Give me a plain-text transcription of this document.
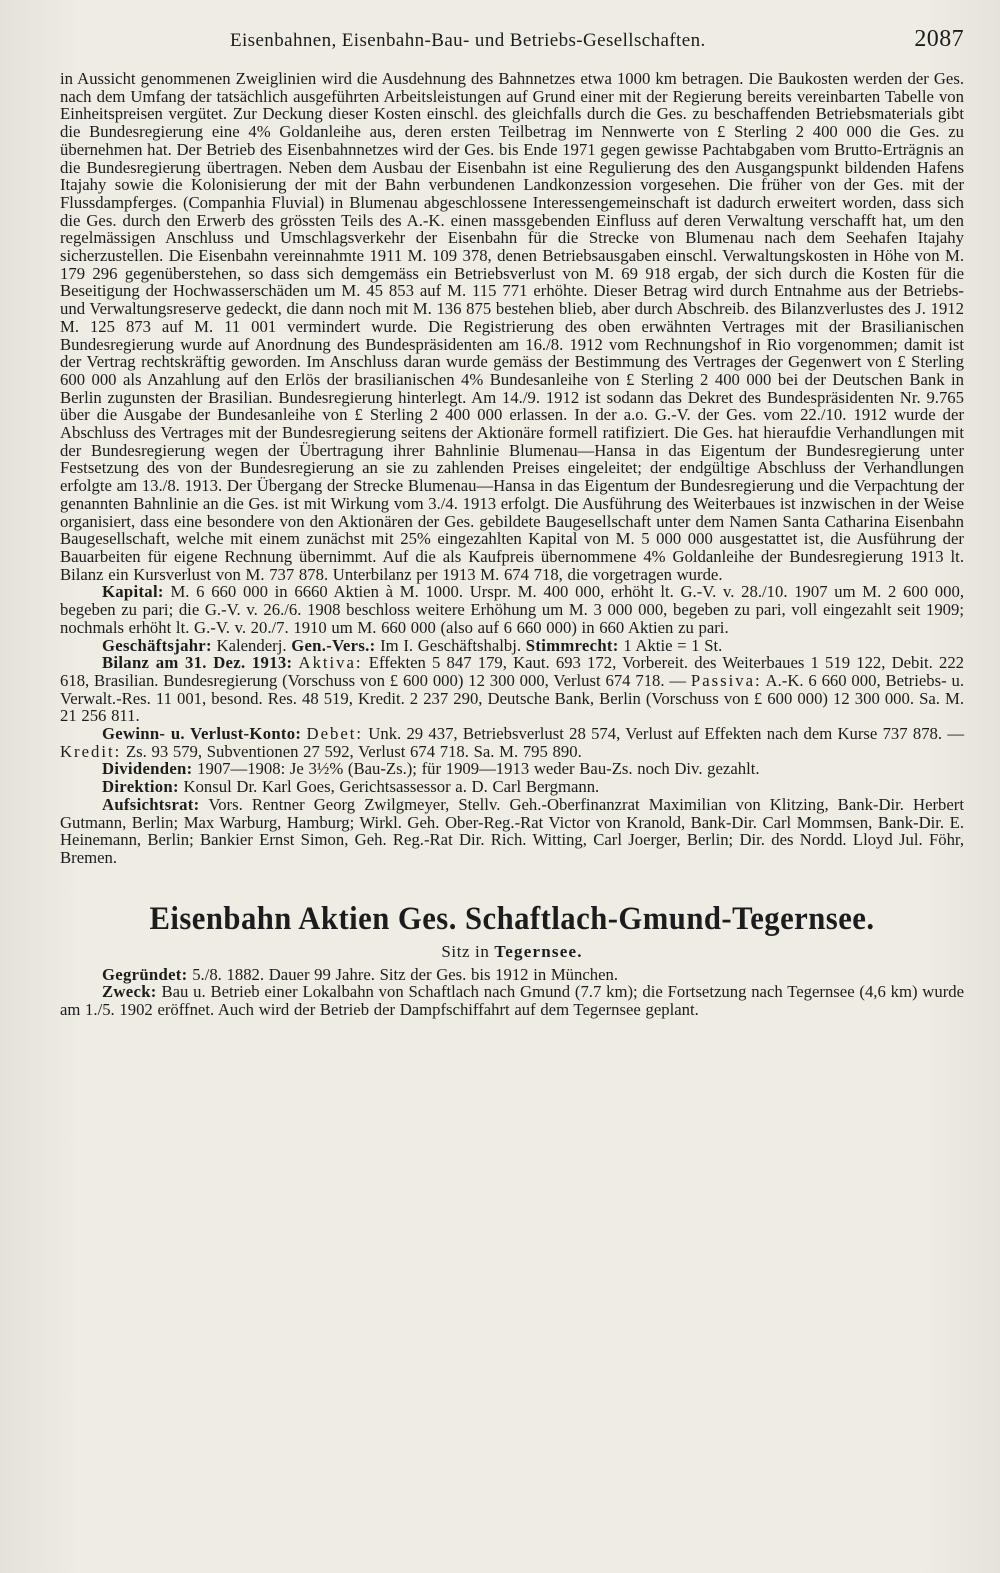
Eisenbahnen, Eisenbahn-Bau- und Betriebs-Gesellschaften.	2087

in Aussicht genommenen Zweiglinien wird die Ausdehnung des Bahnnetzes etwa 1000 km betragen. Die Baukosten werden der Ges. nach dem Umfang der tatsächlich ausgeführten Arbeitsleistungen auf Grund einer mit der Regierung bereits vereinbarten Tabelle von Einheitspreisen vergütet. Zur Deckung dieser Kosten einschl. des gleichfalls durch die Ges. zu beschaffenden Betriebsmaterials gibt die Bundesregierung eine 4% Goldanleihe aus, deren ersten Teilbetrag im Nennwerte von £ Sterling 2 400 000 die Ges. zu übernehmen hat. Der Betrieb des Eisenbahnnetzes wird der Ges. bis Ende 1971 gegen gewisse Pachtabgaben vom Brutto-Erträgnis an die Bundesregierung übertragen. Neben dem Ausbau der Eisenbahn ist eine Regulierung des den Ausgangspunkt bildenden Hafens Itajahy sowie die Kolonisierung der mit der Bahn verbundenen Landkonzession vorgesehen. Die früher von der Ges. mit der Flussdampferges. (Companhia Fluvial) in Blumenau abgeschlossene Interessengemeinschaft ist dadurch erweitert worden, dass sich die Ges. durch den Erwerb des grössten Teils des A.-K. einen massgebenden Einfluss auf deren Verwaltung verschafft hat, um den regelmässigen Anschluss und Umschlagsverkehr der Eisenbahn für die Strecke von Blumenau nach dem Seehafen Itajahy sicherzustellen. Die Eisenbahn vereinnahmte 1911 M. 109 378, denen Betriebsausgaben einschl. Verwaltungskosten in Höhe von M. 179 296 gegenüberstehen, so dass sich demgemäss ein Betriebsverlust von M. 69 918 ergab, der sich durch die Kosten für die Beseitigung der Hochwasserschäden um M. 45 853 auf M. 115 771 erhöhte. Dieser Betrag wird durch Entnahme aus der Betriebs- und Verwaltungsreserve gedeckt, die dann noch mit M. 136 875 bestehen blieb, aber durch Abschreib. des Bilanzverlustes des J. 1912 M. 125 873 auf M. 11 001 vermindert wurde. Die Registrierung des oben erwähnten Vertrages mit der Brasilianischen Bundesregierung wurde auf Anordnung des Bundespräsidenten am 16./8. 1912 vom Rechnungshof in Rio vorgenommen; damit ist der Vertrag rechtskräftig geworden. Im Anschluss daran wurde gemäss der Bestimmung des Vertrages der Gegenwert von £ Sterling 600 000 als Anzahlung auf den Erlös der brasilianischen 4% Bundesanleihe von £ Sterling 2 400 000 bei der Deutschen Bank in Berlin zugunsten der Brasilian. Bundesregierung hinterlegt. Am 14./9. 1912 ist sodann das Dekret des Bundespräsidenten Nr. 9.765 über die Ausgabe der Bundesanleihe von £ Sterling 2 400 000 erlassen. In der a.o. G.-V. der Ges. vom 22./10. 1912 wurde der Abschluss des Vertrages mit der Bundesregierung seitens der Aktionäre formell ratifiziert. Die Ges. hat hieraufdie Verhandlungen mit der Bundesregierung wegen der Übertragung ihrer Bahnlinie Blumenau—Hansa in das Eigentum der Bundesregierung unter Festsetzung des von der Bundesregierung an sie zu zahlenden Preises eingeleitet; der endgültige Abschluss der Verhandlungen erfolgte am 13./8. 1913. Der Übergang der Strecke Blumenau—Hansa in das Eigentum der Bundesregierung und die Verpachtung der genannten Bahnlinie an die Ges. ist mit Wirkung vom 3./4. 1913 erfolgt. Die Ausführung des Weiterbaues ist inzwischen in der Weise organisiert, dass eine besondere von den Aktionären der Ges. gebildete Baugesellschaft unter dem Namen Santa Catharina Eisenbahn Baugesellschaft, welche mit einem zunächst mit 25% eingezahlten Kapital von M. 5 000 000 ausgestattet ist, die Ausführung der Bauarbeiten für eigene Rechnung übernimmt. Auf die als Kaufpreis übernommene 4% Goldanleihe der Bundesregierung 1913 lt. Bilanz ein Kursverlust von M. 737 878. Unterbilanz per 1913 M. 674 718, die vorgetragen wurde.

Kapital: M. 6 660 000 in 6660 Aktien à M. 1000. Urspr. M. 400 000, erhöht lt. G.-V. v. 28./10. 1907 um M. 2 600 000, begeben zu pari; die G.-V. v. 26./6. 1908 beschloss weitere Erhöhung um M. 3 000 000, begeben zu pari, voll eingezahlt seit 1909; nochmals erhöht lt. G.-V. v. 20./7. 1910 um M. 660 000 (also auf 6 660 000) in 660 Aktien zu pari.

Geschäftsjahr: Kalenderj. Gen.-Vers.: Im I. Geschäftshalbj. Stimmrecht: 1 Aktie = 1 St.

Bilanz am 31. Dez. 1913: Aktiva: Effekten 5 847 179, Kaut. 693 172, Vorbereit. des Weiterbaues 1 519 122, Debit. 222 618, Brasilian. Bundesregierung (Vorschuss von £ 600 000) 12 300 000, Verlust 674 718. — Passiva: A.-K. 6 660 000, Betriebs- u. Verwalt.-Res. 11 001, besond. Res. 48 519, Kredit. 2 237 290, Deutsche Bank, Berlin (Vorschuss von £ 600 000) 12 300 000. Sa. M. 21 256 811.

Gewinn- u. Verlust-Konto: Debet: Unk. 29 437, Betriebsverlust 28 574, Verlust auf Effekten nach dem Kurse 737 878. — Kredit: Zs. 93 579, Subventionen 27 592, Verlust 674 718. Sa. M. 795 890.

Dividenden: 1907—1908: Je 3½% (Bau-Zs.); für 1909—1913 weder Bau-Zs. noch Div. gezahlt.

Direktion: Konsul Dr. Karl Goes, Gerichtsassessor a. D. Carl Bergmann.

Aufsichtsrat: Vors. Rentner Georg Zwilgmeyer, Stellv. Geh.-Oberfinanzrat Maximilian von Klitzing, Bank-Dir. Herbert Gutmann, Berlin; Max Warburg, Hamburg; Wirkl. Geh. Ober-Reg.-Rat Victor von Kranold, Bank-Dir. Carl Mommsen, Bank-Dir. E. Heinemann, Berlin; Bankier Ernst Simon, Geh. Reg.-Rat Dir. Rich. Witting, Carl Joerger, Berlin; Dir. des Nordd. Lloyd Jul. Föhr, Bremen.

Eisenbahn Aktien Ges. Schaftlach-Gmund-Tegernsee.
Sitz in Tegernsee.

Gegründet: 5./8. 1882. Dauer 99 Jahre. Sitz der Ges. bis 1912 in München.

Zweck: Bau u. Betrieb einer Lokalbahn von Schaftlach nach Gmund (7.7 km); die Fortsetzung nach Tegernsee (4,6 km) wurde am 1./5. 1902 eröffnet. Auch wird der Betrieb der Dampfschiffahrt auf dem Tegernsee geplant.
